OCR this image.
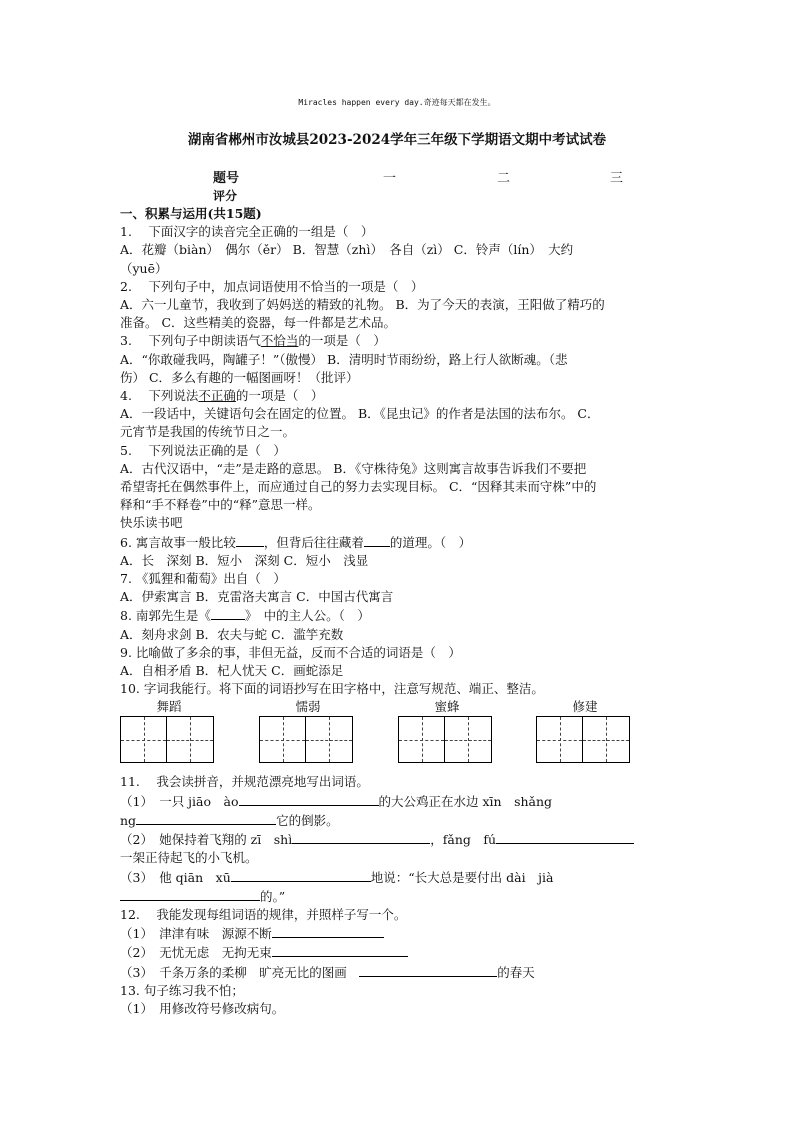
Miracles happen every day.奇迹每天都在发生。
湖南省郴州市汝城县2023-2024学年三年级下学期语文期中考试试卷
题号	一	二	三
评分
一、积累与运用(共15题)
1.　 下面汉字的读音完全正确的一组是（　）
A．花瓣（biàn）　偶尔（ěr） B．智慧（zhì）　各自（zì） C．铃声（lín）　大约
（yuē）
2.　 下列句子中，加点词语使用不恰当的一项是（　）
A．六一儿童节，我收到了妈妈送的精致的礼物。 B．为了今天的表演，王阳做了精巧的
准备。 C．这些精美的瓷器，每一件都是艺术品。
3.　 下列句子中朗读语气不恰当的一项是（　）
A．“你敢碰我吗，陶罐子！”（傲慢） B．清明时节雨纷纷，路上行人欲断魂。（悲
伤） C．多么有趣的一幅图画呀！（批评）
4.　 下列说法不正确的一项是（　）
A．一段话中，关键语句会在固定的位置。 B．《昆虫记》的作者是法国的法布尔。 C．
元宵节是我国的传统节日之一。
5.　 下列说法正确的是（　）
A．古代汉语中，“走”是走路的意思。 B．《守株待兔》这则寓言故事告诉我们不要把
希望寄托在偶然事件上，而应通过自己的努力去实现目标。 C．“因释其耒而守株”中的
释和“手不释卷”中的“释”意思一样。
快乐读书吧
6. 寓言故事一般比较 ，但背后往往藏着 的道理。（　）
A．长　深刻 B．短小　深刻 C．短小　浅显
7. 《狐狸和葡萄》出自（　）
A．伊索寓言 B．克雷洛夫寓言 C．中国古代寓言
8. 南郭先生是《	》　中的主人公。（　）
A．刻舟求剑 B．农夫与蛇 C．滥竽充数
9. 比喻做了多余的事，非但无益，反而不合适的词语是（　）
A．自相矛盾 B．杞人忧天 C．画蛇添足
10. 字词我能行。将下面的词语抄写在田字格中，注意写规范、端正、整洁。
舞蹈	懦弱	蜜蜂	修建
11.　 我会读拼音，并规范漂亮地写出词语。
（1）　一只 jiāo　ào	的大公鸡正在水边 xīn　shǎng
ng	它的倒影。
（2）　她保持着飞翔的 zī　shì	，fǎng　fú
一架正待起飞的小飞机。
（3）　他 qiān　xū	地说：“长大总是要付出 dài　jià
的。”
12.　 我能发现每组词语的规律，并照样子写一个。
（1）　津津有味　源源不断
（2）　无忧无虑　无拘无束
（3）　千条万条的柔柳　旷亮无比的图画　	的春天
13. 句子练习我不怕；
（1）　用修改符号修改病句。
